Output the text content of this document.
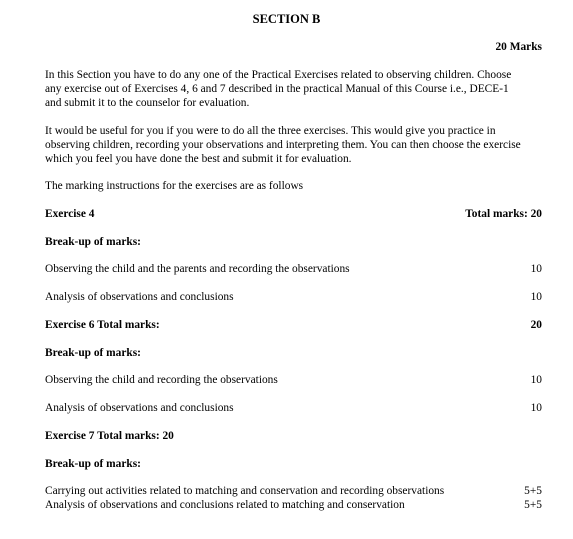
SECTION B
20 Marks
In this Section you have to do any one of the Practical Exercises related to observing children. Choose
any exercise out of Exercises 4, 6 and 7 described in the practical Manual of this Course i.e., DECE-1
and submit it to the counselor for evaluation.
It would be useful for you if you were to do all the three exercises. This would give you practice in
observing children, recording your observations and interpreting them. You can then choose the exercise
which you feel you have done the best and submit it for evaluation.
The marking instructions for the exercises are as follows
Exercise 4	Total marks: 20
Break-up of marks:
Observing the child and the parents and recording the observations	10
Analysis of observations and conclusions	10
Exercise 6 Total marks:	20
Break-up of marks:
Observing the child and recording the observations	10
Analysis of observations and conclusions	10
Exercise 7 Total marks: 20
Break-up of marks:
Carrying out activities related to matching and conservation and recording observations	5+5
Analysis of observations and conclusions related to matching and conservation	5+5
